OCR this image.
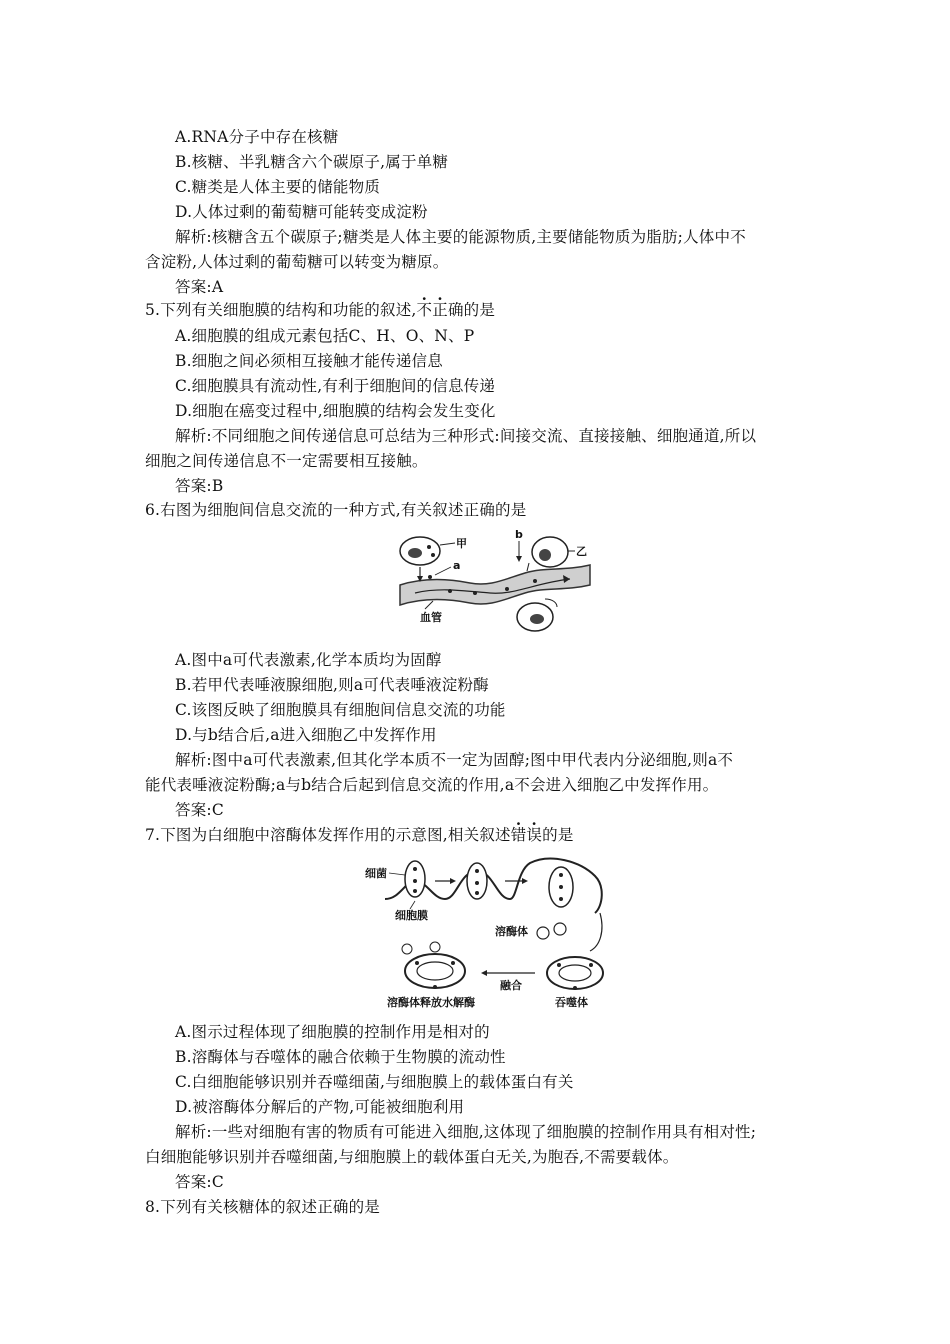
A.RNA分子中存在核糖

B.核糖、半乳糖含六个碳原子,属于单糖

C.糖类是人体主要的储能物质

D.人体过剩的葡萄糖可能转变成淀粉

解析:核糖含五个碳原子;糖类是人体主要的能源物质,主要储能物质为脂肪;人体中不

含淀粉,人体过剩的葡萄糖可以转变为糖原。

答案:A

5.下列有关细胞膜的结构和功能的叙述,不正确的是

A.细胞膜的组成元素包括C、H、O、N、P

B.细胞之间必须相互接触才能传递信息

C.细胞膜具有流动性,有利于细胞间的信息传递

D.细胞在癌变过程中,细胞膜的结构会发生变化

解析:不同细胞之间传递信息可总结为三种形式:间接交流、直接接触、细胞通道,所以

细胞之间传递信息不一定需要相互接触。

答案:B

6.右图为细胞间信息交流的一种方式,有关叙述正确的是

甲
a
乙
b
血管

A.图中a可代表激素,化学本质均为固醇

B.若甲代表唾液腺细胞,则a可代表唾液淀粉酶

C.该图反映了细胞膜具有细胞间信息交流的功能

D.与b结合后,a进入细胞乙中发挥作用

解析:图中a可代表激素,但其化学本质不一定为固醇;图中甲代表内分泌细胞,则a不

能代表唾液淀粉酶;a与b结合后起到信息交流的作用,a不会进入细胞乙中发挥作用。

答案:C

7.下图为白细胞中溶酶体发挥作用的示意图,相关叙述错误的是

细菌
细胞膜
溶酶体
吞噬体
融合
溶酶体释放水解酶

A.图示过程体现了细胞膜的控制作用是相对的

B.溶酶体与吞噬体的融合依赖于生物膜的流动性

C.白细胞能够识别并吞噬细菌,与细胞膜上的载体蛋白有关

D.被溶酶体分解后的产物,可能被细胞利用

解析:一些对细胞有害的物质有可能进入细胞,这体现了细胞膜的控制作用具有相对性;

白细胞能够识别并吞噬细菌,与细胞膜上的载体蛋白无关,为胞吞,不需要载体。

答案:C

8.下列有关核糖体的叙述正确的是
